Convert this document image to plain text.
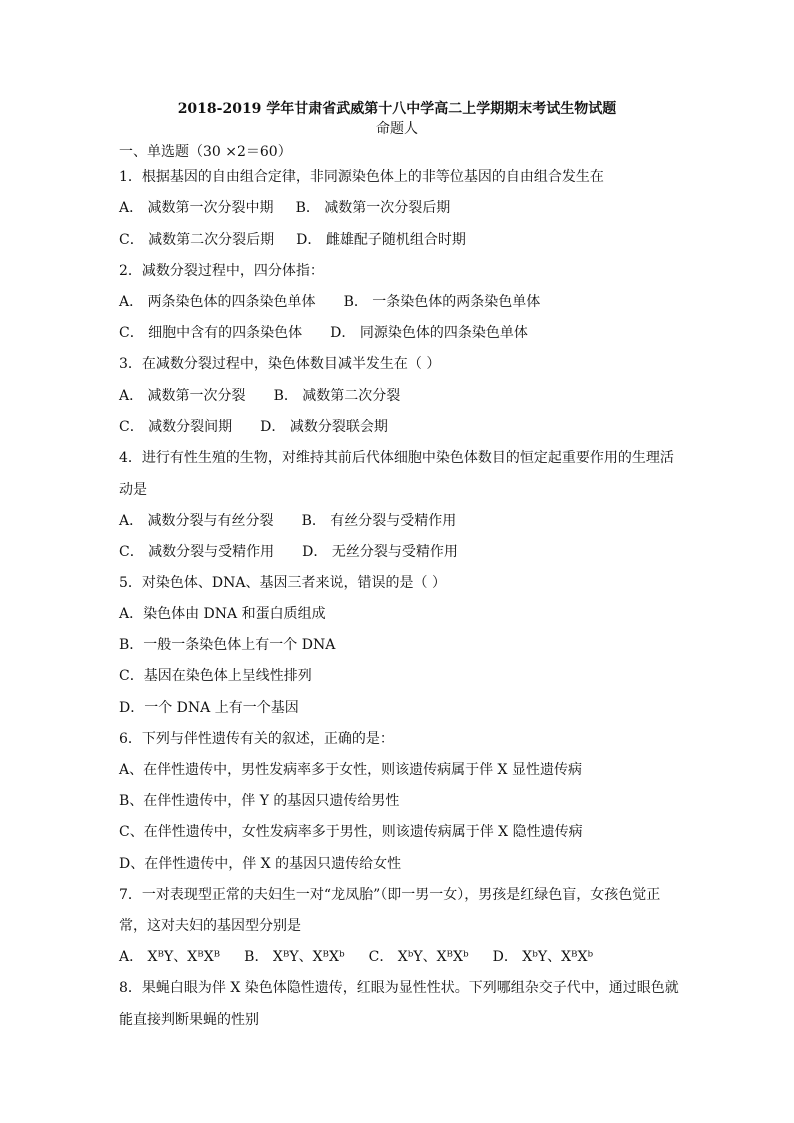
2018-2019 学年甘肃省武威第十八中学高二上学期期末考试生物试题
命题人
一、单选题（30 ×2＝60）
1．根据基因的自由组合定律，非同源染色体上的非等位基因的自由组合发生在
A． 减数第一次分裂中期 B． 减数第一次分裂后期
C． 减数第二次分裂后期 D． 雌雄配子随机组合时期
2．减数分裂过程中，四分体指：
A． 两条染色体的四条染色单体 B． 一条染色体的两条染色单体
C． 细胞中含有的四条染色体 D． 同源染色体的四条染色单体
3．在减数分裂过程中，染色体数目减半发生在（ ）
A． 减数第一次分裂 B． 减数第二次分裂
C． 减数分裂间期 D． 减数分裂联会期
4．进行有性生殖的生物，对维持其前后代体细胞中染色体数目的恒定起重要作用的生理活
动是
A． 减数分裂与有丝分裂 B． 有丝分裂与受精作用
C． 减数分裂与受精作用 D． 无丝分裂与受精作用
5．对染色体、DNA、基因三者来说，错误的是（ ）
A．染色体由 DNA 和蛋白质组成
B．一般一条染色体上有一个 DNA
C．基因在染色体上呈线性排列
D．一个 DNA 上有一个基因
6．下列与伴性遗传有关的叙述，正确的是：
A、在伴性遗传中，男性发病率多于女性，则该遗传病属于伴 X 显性遗传病
B、在伴性遗传中，伴 Y 的基因只遗传给男性
C、在伴性遗传中，女性发病率多于男性，则该遗传病属于伴 X 隐性遗传病
D、在伴性遗传中，伴 X 的基因只遗传给女性
7．一对表现型正常的夫妇生一对“龙凤胎”（即一男一女），男孩是红绿色盲，女孩色觉正
常，这对夫妇的基因型分别是
A． XᴮY、XᴮXᴮ B． XᴮY、XᴮXᵇ C． XᵇY、XᴮXᵇ D． XᵇY、XᴮXᵇ
8．果蝇白眼为伴 X 染色体隐性遗传，红眼为显性性状。下列哪组杂交子代中，通过眼色就
能直接判断果蝇的性别
